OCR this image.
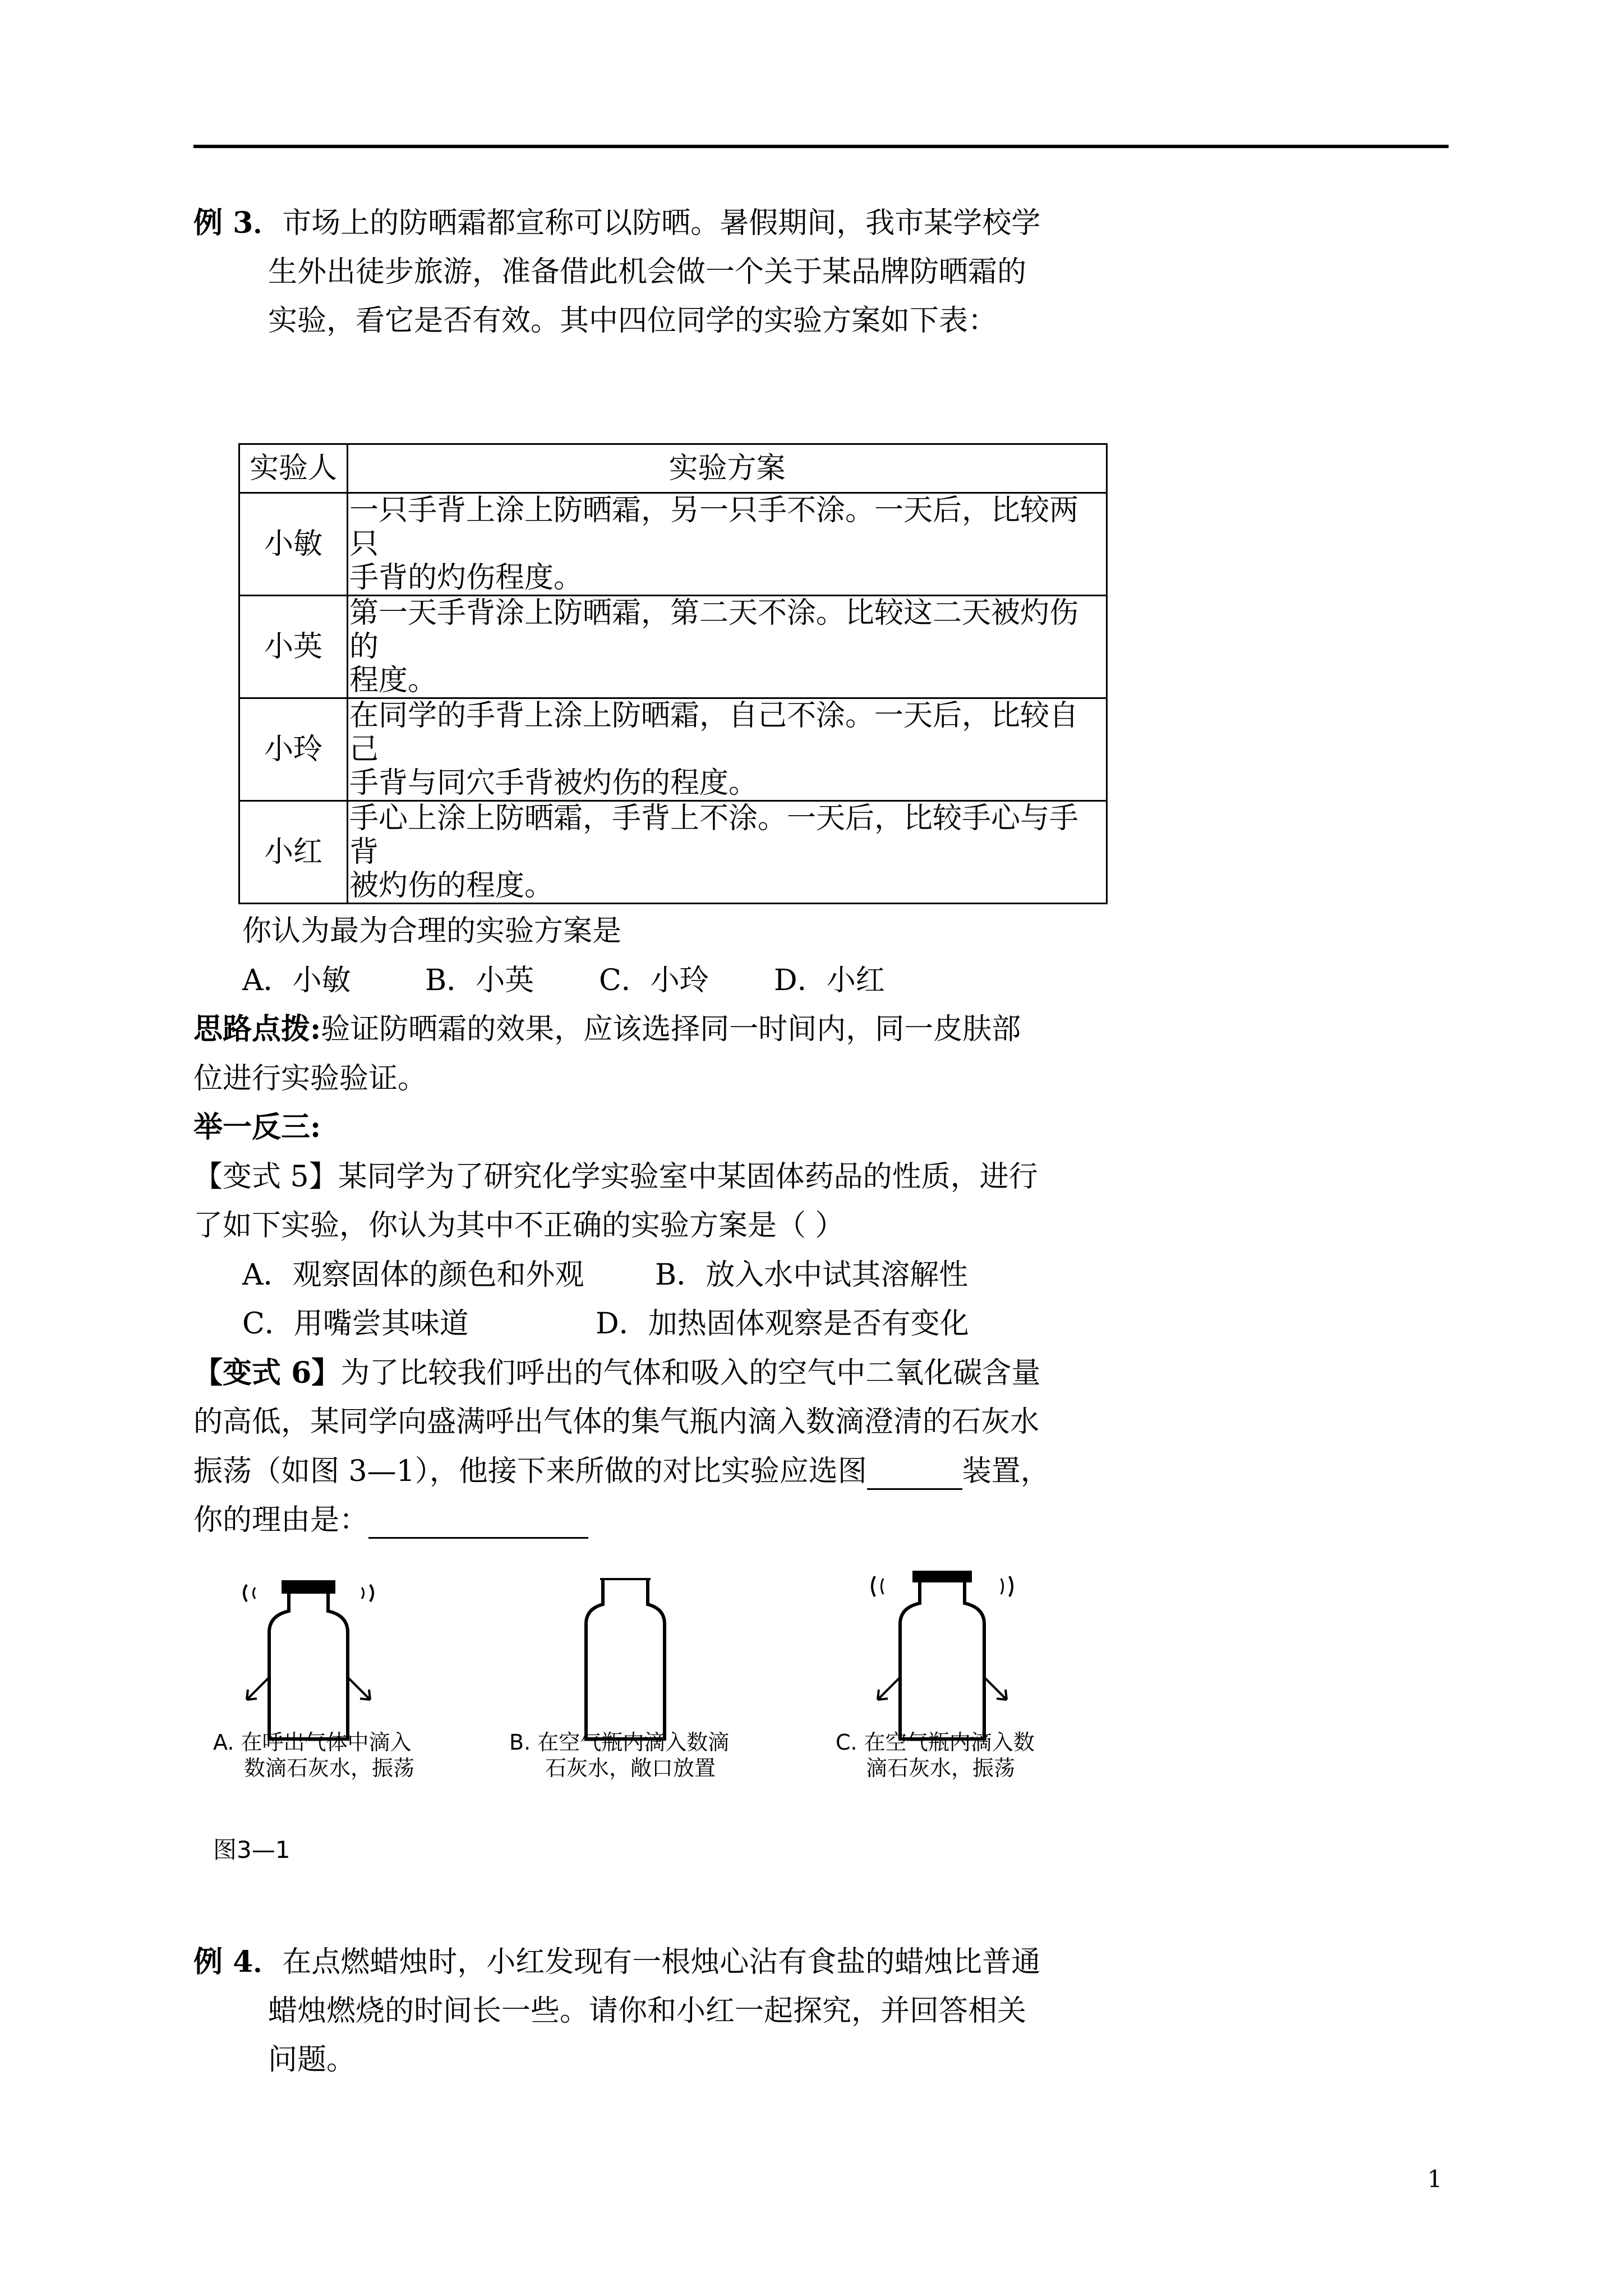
例 3．市场上的防晒霜都宣称可以防晒。暑假期间，我市某学校学
生外出徒步旅游，准备借此机会做一个关于某品牌防晒霜的
实验，看它是否有效。其中四位同学的实验方案如下表：
实验人	实验方案
小敏	一只手背上涂上防晒霜，另一只手不涂。一天后，比较两只
手背的灼伤程度。

小英	第一天手背涂上防晒霜，第二天不涂。比较这二天被灼伤的
程度。

小玲	在同学的手背上涂上防晒霜，自己不涂。一天后，比较自己
手背与同穴手背被灼伤的程度。

小红	手心上涂上防晒霜，手背上不涂。一天后，比较手心与手背
被灼伤的程度。
你认为最为合理的实验方案是
A．小敏	B．小英 C．小玲 D．小红
思路点拨:验证防晒霜的效果，应该选择同一时间内，同一皮肤部
位进行实验验证。
举一反三:
【变式 5】某同学为了研究化学实验室中某固体药品的性质，进行
了如下实验，你认为其中不正确的实验方案是（ ）
A．观察固体的颜色和外观 B．放入水中试其溶解性
C．用嘴尝其味道	D．加热固体观察是否有变化
【变式 6】为了比较我们呼出的气体和吸入的空气中二氧化碳含量
的高低，某同学向盛满呼出气体的集气瓶内滴入数滴澄清的石灰水
振荡（如图 3—1），他接下来所做的对比实验应选图	装置，
你的理由是：
A. 在呼出气体中滴入
数滴石灰水，振荡
B. 在空气瓶内滴入数滴
石灰水，敞口放置
C. 在空气瓶内滴入数
滴石灰水，振荡
图3—1
例 4．在点燃蜡烛时，小红发现有一根烛心沾有食盐的蜡烛比普通
蜡烛燃烧的时间长一些。请你和小红一起探究，并回答相关
问题。
1
